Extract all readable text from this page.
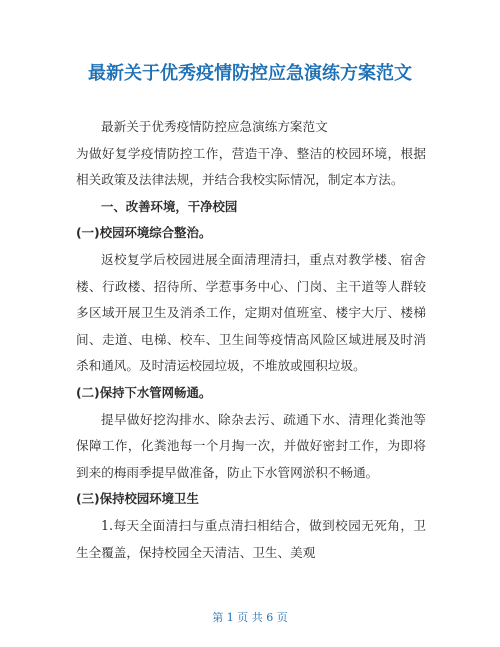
最新关于优秀疫情防控应急演练方案范文

最新关于优秀疫情防控应急演练方案范文

为做好复学疫情防控工作，营造干净、整洁的校园环境，根据相关政策及法律法规，并结合我校实际情况，制定本方法。

一、改善环境，干净校园

(一)校园环境综合整治。

返校复学后校园进展全面清理清扫，重点对教学楼、宿舍楼、行政楼、招待所、学惹事务中心、门岗、主干道等人群较多区域开展卫生及消杀工作，定期对值班室、楼宇大厅、楼梯间、走道、电梯、校车、卫生间等疫情高风险区域进展及时消杀和通风。及时清运校园垃圾，不堆放或囤积垃圾。

(二)保持下水管网畅通。

提早做好挖沟排水、除杂去污、疏通下水、清理化粪池等保障工作，化粪池每一个月掏一次，并做好密封工作，为即将到来的梅雨季提早做准备，防止下水管网淤积不畅通。

(三)保持校园环境卫生

1.每天全面清扫与重点清扫相结合，做到校园无死角，卫生全覆盖，保持校园全天清洁、卫生、美观

第 1 页 共 6 页
